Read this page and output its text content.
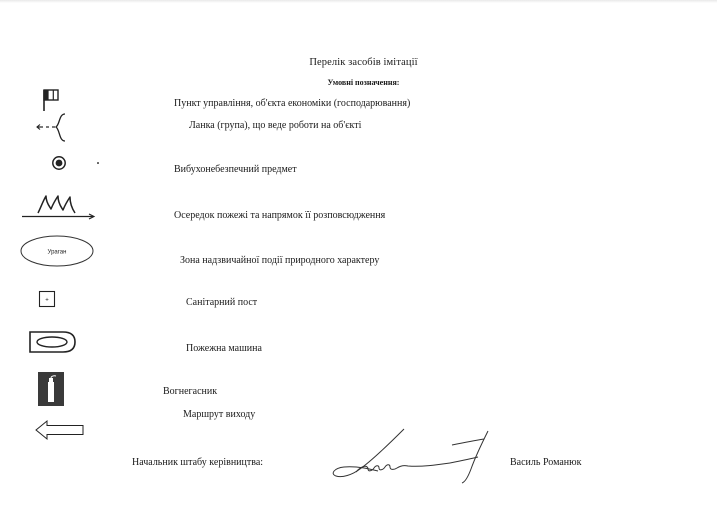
Перелік засобів імітації
Умовні позначення:
Пункт управління, об'єкта економіки (господарювання)
Ланка (група), що веде роботи на об'єкті
Вибухонебезпечний предмет
Осередок пожежі та напрямок її розповсюдження
Ураган
Зона надзвичайної події природного характеру
+	Санітарний пост
Пожежна машина
Вогнегасник
Маршрут виходу
Начальник штабу керівництва:	Василь Романюк
